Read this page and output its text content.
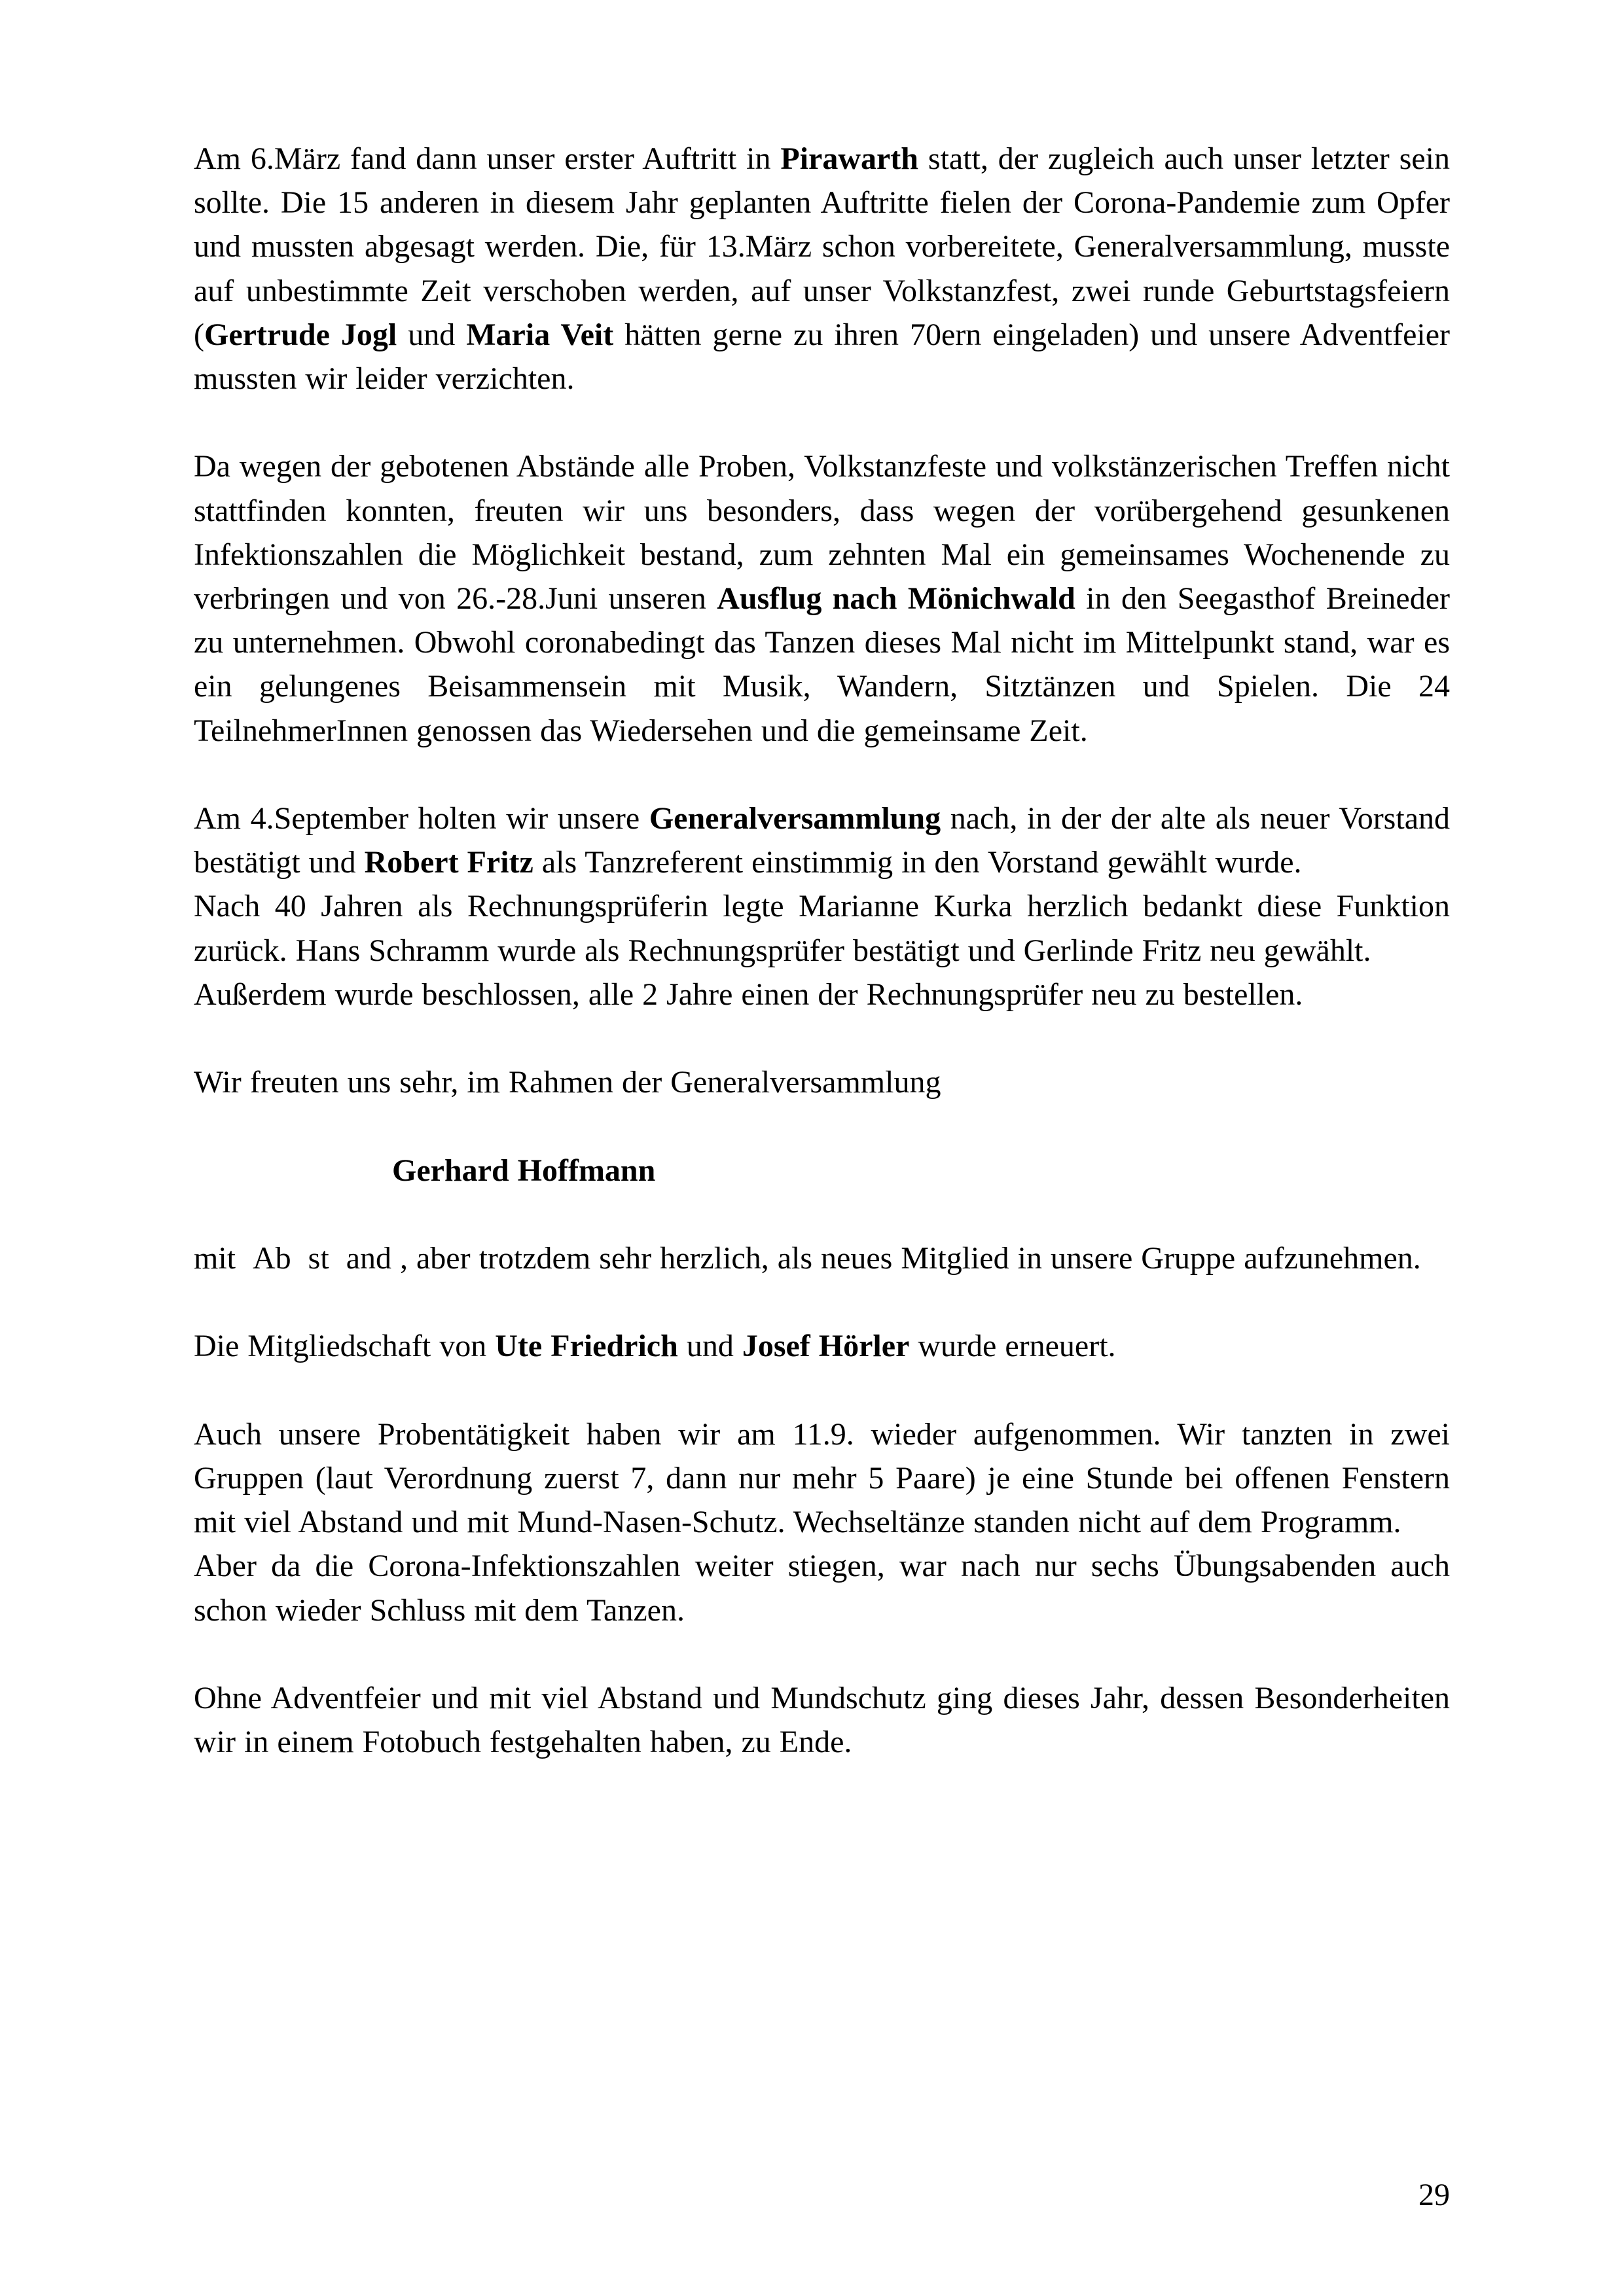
Am 6.März fand dann unser erster Auftritt in Pirawarth statt, der zugleich auch unser letzter sein sollte. Die 15 anderen in diesem Jahr geplanten Auftritte fielen der Corona-Pandemie zum Opfer und mussten abgesagt werden. Die, für 13.März schon vorbereitete, Generalversammlung, musste auf unbestimmte Zeit verschoben werden, auf unser Volkstanzfest, zwei runde Geburtstagsfeiern (Gertrude Jogl und Maria Veit hätten gerne zu ihren 70ern eingeladen) und unsere Adventfeier mussten wir leider verzichten.

Da wegen der gebotenen Abstände alle Proben, Volkstanzfeste und volkstänzerischen Treffen nicht stattfinden konnten, freuten wir uns besonders, dass wegen der vorübergehend gesunkenen Infektionszahlen die Möglichkeit bestand, zum zehnten Mal ein gemeinsames Wochenende zu verbringen und von 26.-28.Juni unseren Ausflug nach Mönichwald in den Seegasthof Breineder zu unternehmen. Obwohl coronabedingt das Tanzen dieses Mal nicht im Mittelpunkt stand, war es ein gelungenes Beisammensein mit Musik, Wandern, Sitztänzen und Spielen. Die 24 TeilnehmerInnen genossen das Wiedersehen und die gemeinsame Zeit.

Am 4.September holten wir unsere Generalversammlung nach, in der der alte als neuer Vorstand bestätigt und Robert Fritz als Tanzreferent einstimmig in den Vorstand gewählt wurde.

Nach 40 Jahren als Rechnungsprüferin legte Marianne Kurka herzlich bedankt diese Funktion zurück. Hans Schramm wurde als Rechnungsprüfer bestätigt und Gerlinde Fritz neu gewählt.

Außerdem wurde beschlossen, alle 2 Jahre einen der Rechnungsprüfer neu zu bestellen.

Wir freuten uns sehr, im Rahmen der Generalversammlung

Gerhard Hoffmann

mit  Ab  st  and , aber trotzdem sehr herzlich, als neues Mitglied in unsere Gruppe aufzunehmen.

Die Mitgliedschaft von Ute Friedrich und Josef Hörler wurde erneuert.

Auch unsere Probentätigkeit haben wir am 11.9. wieder aufgenommen. Wir tanzten in zwei Gruppen (laut Verordnung zuerst 7, dann nur mehr 5 Paare) je eine Stunde bei offenen Fenstern mit viel Abstand und mit Mund-Nasen-Schutz. Wechseltänze standen nicht auf dem Programm.

Aber da die Corona-Infektionszahlen weiter stiegen, war nach nur sechs Übungsabenden auch schon wieder Schluss mit dem Tanzen.

Ohne Adventfeier und mit viel Abstand und Mundschutz ging dieses Jahr, dessen Besonderheiten wir in einem Fotobuch festgehalten haben, zu Ende.

29
